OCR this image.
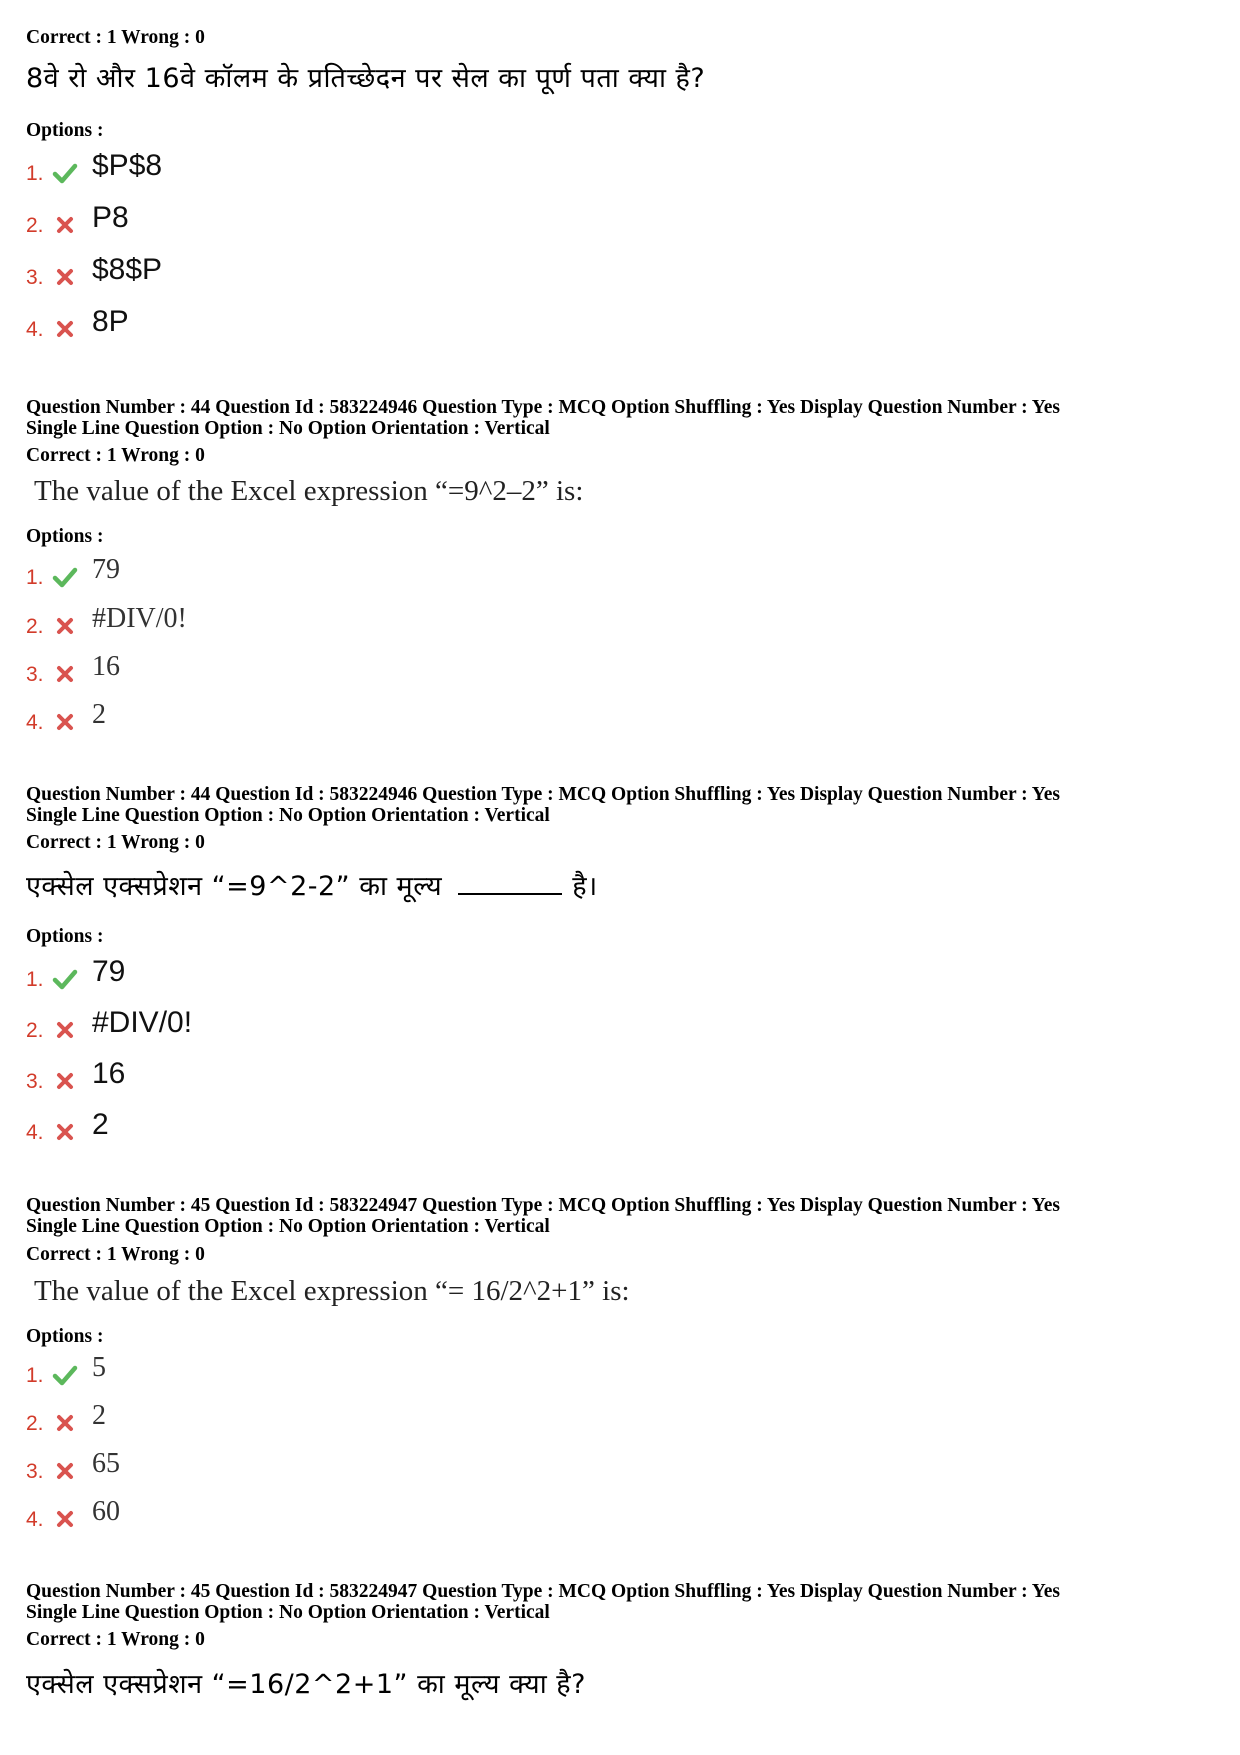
Correct : 1 Wrong : 0
8वे रो और 16वे कॉलम के प्रतिच्छेदन पर सेल का पूर्ण पता क्या है?
Options :
1. $P$8
2. P8
3. $8$P
4. 8P
Question Number : 44 Question Id : 583224946 Question Type : MCQ Option Shuffling : Yes Display Question Number : Yes
Single Line Question Option : No Option Orientation : Vertical
Correct : 1 Wrong : 0
The value of the Excel expression “=9^2–2” is:
Options :
1. 79
2. #DIV/0!
3. 16
4. 2
Question Number : 44 Question Id : 583224946 Question Type : MCQ Option Shuffling : Yes Display Question Number : Yes
Single Line Question Option : No Option Orientation : Vertical
Correct : 1 Wrong : 0
एक्सेल एक्सप्रेशन “=9^2-2” का मूल्य	है।
Options :
1. 79
2. #DIV/0!
3. 16
4. 2
Question Number : 45 Question Id : 583224947 Question Type : MCQ Option Shuffling : Yes Display Question Number : Yes
Single Line Question Option : No Option Orientation : Vertical
Correct : 1 Wrong : 0
The value of the Excel expression “= 16/2^2+1” is:
Options :
1. 5
2. 2
3. 65
4. 60
Question Number : 45 Question Id : 583224947 Question Type : MCQ Option Shuffling : Yes Display Question Number : Yes
Single Line Question Option : No Option Orientation : Vertical
Correct : 1 Wrong : 0
एक्सेल एक्सप्रेशन “=16/2^2+1” का मूल्य क्या है?
